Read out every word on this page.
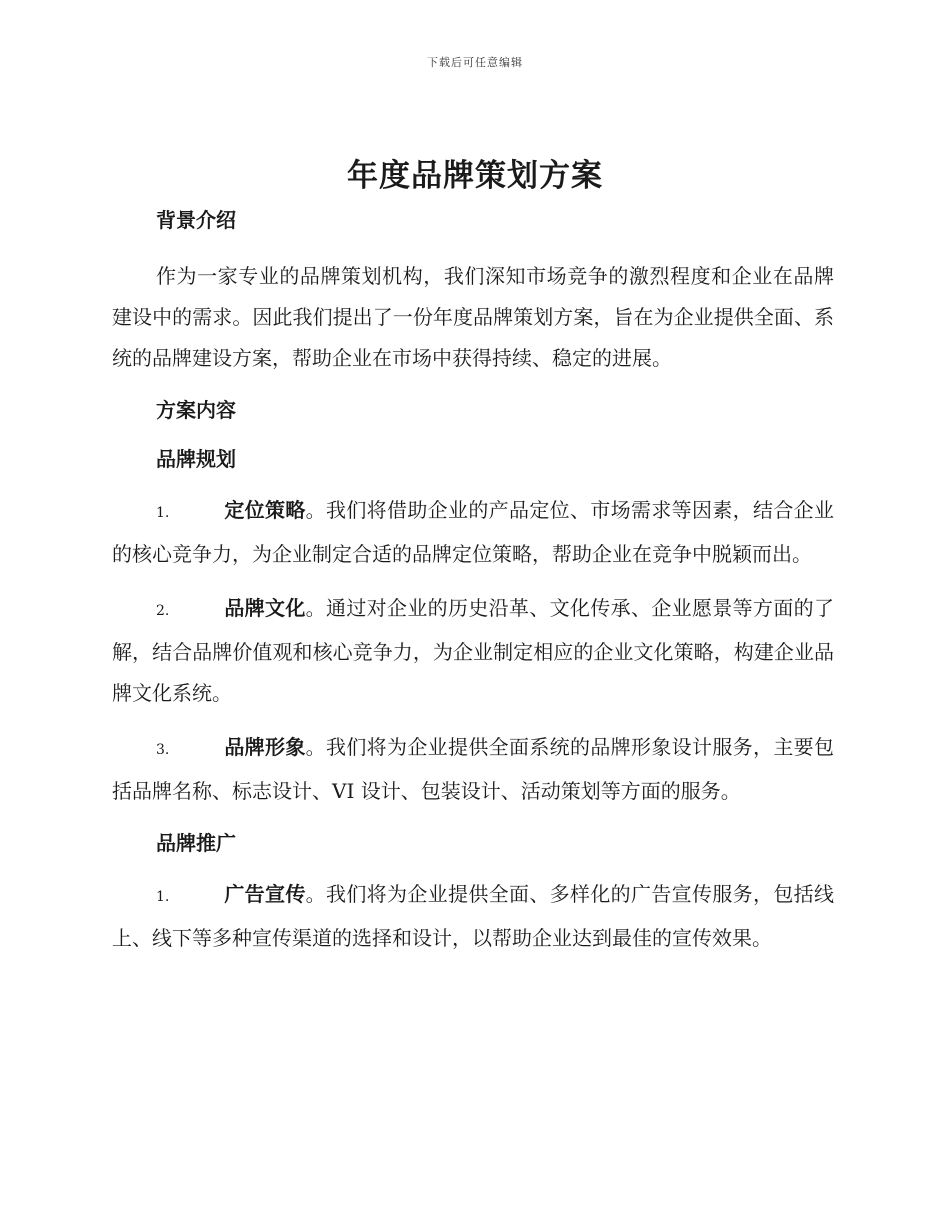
下载后可任意编辑
年度品牌策划方案
背景介绍

作为一家专业的品牌策划机构，我们深知市场竞争的激烈程度和企业在品牌建设中的需求。因此我们提出了一份年度品牌策划方案，旨在为企业提供全面、系统的品牌建设方案，帮助企业在市场中获得持续、稳定的进展。

方案内容
品牌规划

1.	定位策略。我们将借助企业的产品定位、市场需求等因素，结合企业的核心竞争力，为企业制定合适的品牌定位策略，帮助企业在竞争中脱颖而出。

2.	品牌文化。通过对企业的历史沿革、文化传承、企业愿景等方面的了解，结合品牌价值观和核心竞争力，为企业制定相应的企业文化策略，构建企业品牌文化系统。

3.	品牌形象。我们将为企业提供全面系统的品牌形象设计服务，主要包括品牌名称、标志设计、VI 设计、包装设计、活动策划等方面的服务。

品牌推广

1.	广告宣传。我们将为企业提供全面、多样化的广告宣传服务，包括线上、线下等多种宣传渠道的选择和设计，以帮助企业达到最佳的宣传效果。
